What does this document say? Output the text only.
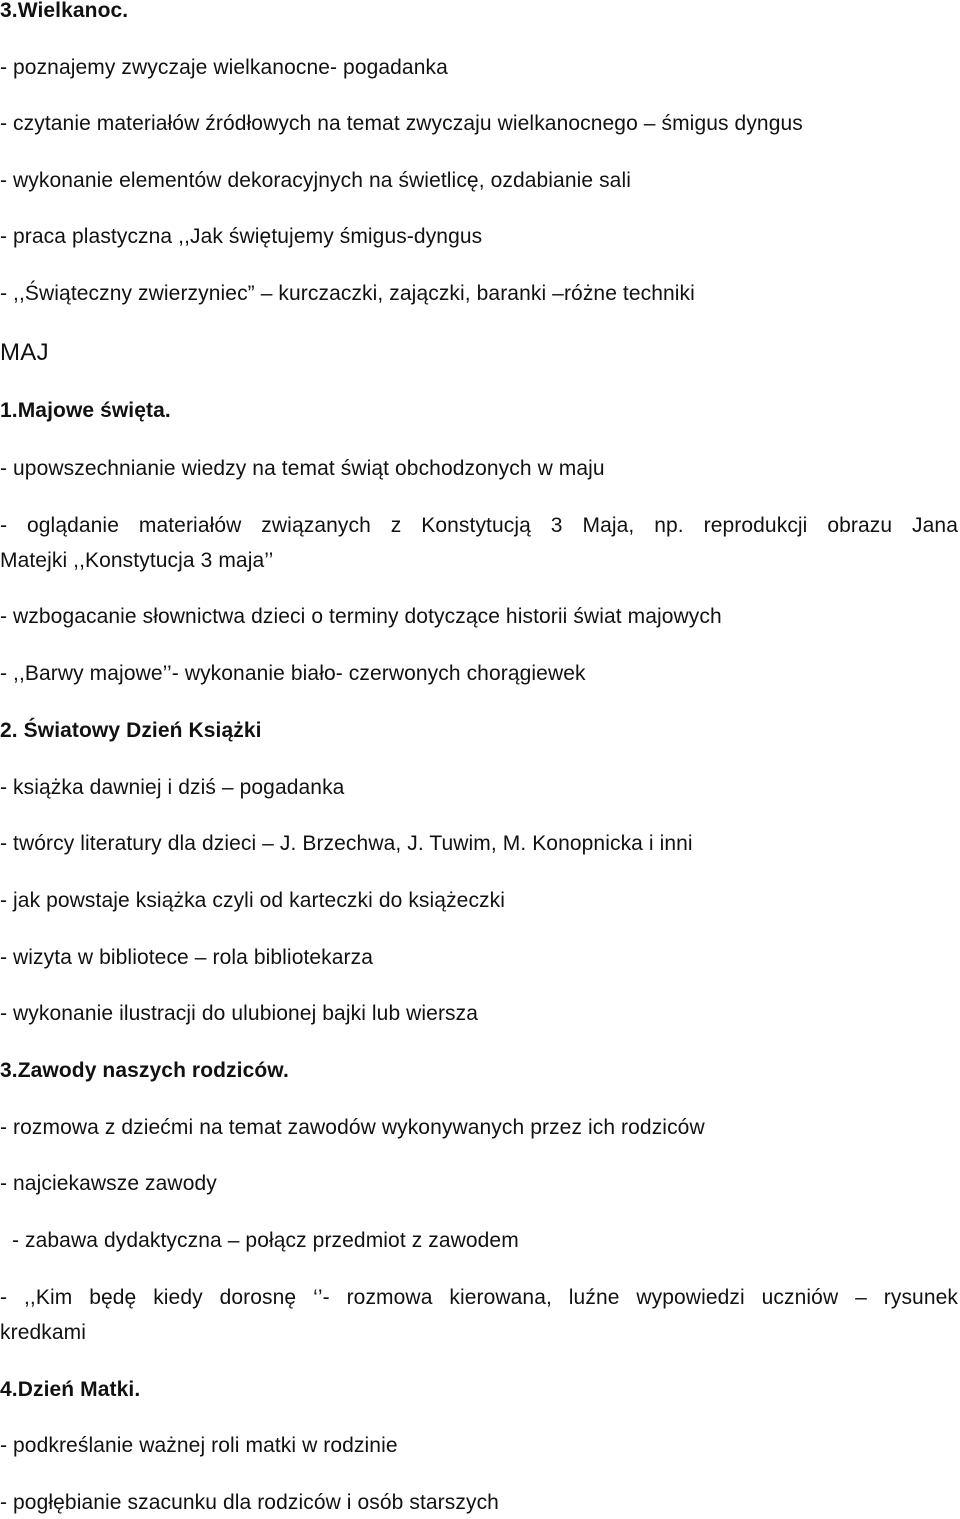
3.Wielkanoc.
- poznajemy zwyczaje wielkanocne- pogadanka
- czytanie materiałów źródłowych na temat zwyczaju wielkanocnego – śmigus dyngus
- wykonanie elementów dekoracyjnych na świetlicę, ozdabianie sali
- praca plastyczna ,,Jak świętujemy śmigus-dyngus
- ,,Świąteczny zwierzyniec” – kurczaczki, zajączki, baranki –różne techniki
MAJ
1.Majowe święta.
- upowszechnianie wiedzy na temat świąt obchodzonych w maju
- oglądanie materiałów związanych z Konstytucją 3 Maja, np. reprodukcji obrazu Jana
Matejki ,,Konstytucja 3 maja’’
- wzbogacanie słownictwa dzieci o terminy dotyczące historii świat majowych
- ,,Barwy majowe’’- wykonanie biało- czerwonych chorągiewek
2. Światowy Dzień Książki
- książka dawniej i dziś – pogadanka
- twórcy literatury dla dzieci – J. Brzechwa, J. Tuwim, M. Konopnicka i inni
- jak powstaje książka czyli od karteczki do książeczki
- wizyta w bibliotece – rola bibliotekarza
- wykonanie ilustracji do ulubionej bajki lub wiersza
3.Zawody naszych rodziców.
- rozmowa z dziećmi na temat zawodów wykonywanych przez ich rodziców
- najciekawsze zawody
- zabawa dydaktyczna – połącz przedmiot z zawodem
- ,,Kim będę kiedy dorosnę ‘’- rozmowa kierowana, luźne wypowiedzi uczniów – rysunek
kredkami
4.Dzień Matki.
- podkreślanie ważnej roli matki w rodzinie
- pogłębianie szacunku dla rodziców i osób starszych
